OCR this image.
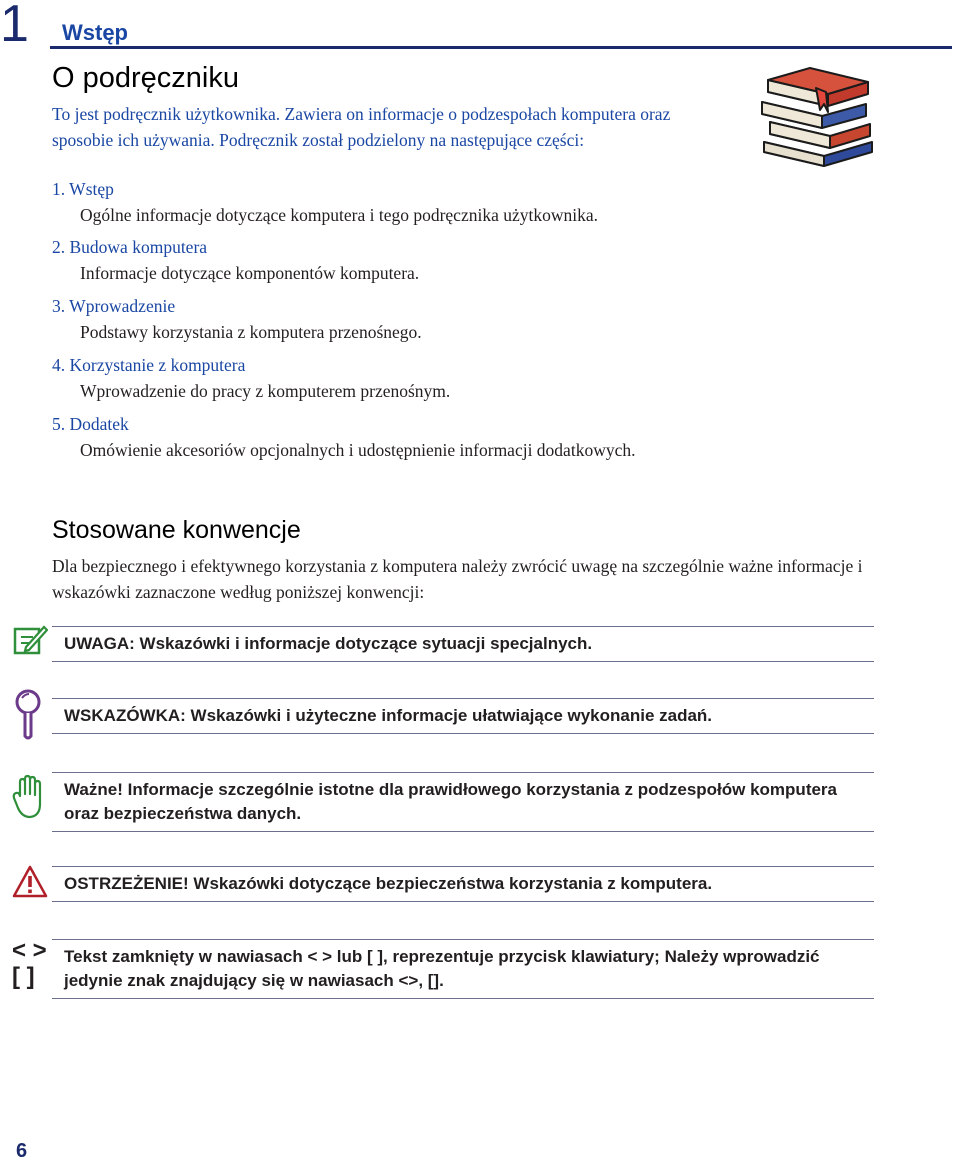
1	Wstęp
O podręczniku
To jest podręcznik użytkownika. Zawiera on informacje o podzespołach komputera oraz sposobie ich używania. Podręcznik został podzielony na następujące części:
1. Wstęp
Ogólne informacje dotyczące komputera i tego podręcznika użytkownika.
2. Budowa komputera
Informacje dotyczące komponentów komputera.
3. Wprowadzenie
Podstawy korzystania z komputera przenośnego.
4. Korzystanie z komputera
Wprowadzenie do pracy z komputerem przenośnym.
5. Dodatek
Omówienie akcesoriów opcjonalnych i udostępnienie informacji dodatkowych.
Stosowane konwencje
Dla bezpiecznego i efektywnego korzystania z komputera należy zwrócić uwagę na szczególnie ważne informacje i wskazówki zaznaczone według poniższej konwencji:
UWAGA: Wskazówki i informacje dotyczące sytuacji specjalnych.
WSKAZÓWKA: Wskazówki i użyteczne informacje ułatwiające wykonanie zadań.
Ważne! Informacje szczególnie istotne dla prawidłowego korzystania z podzespołów komputera oraz bezpieczeństwa danych.
OSTRZEŻENIE! Wskazówki dotyczące bezpieczeństwa korzystania z komputera.
< >
[ ]
Tekst zamknięty w nawiasach < > lub [ ], reprezentuje przycisk klawiatury; Należy wprowadzić jedynie znak znajdujący się w nawiasach <>, [].
6
